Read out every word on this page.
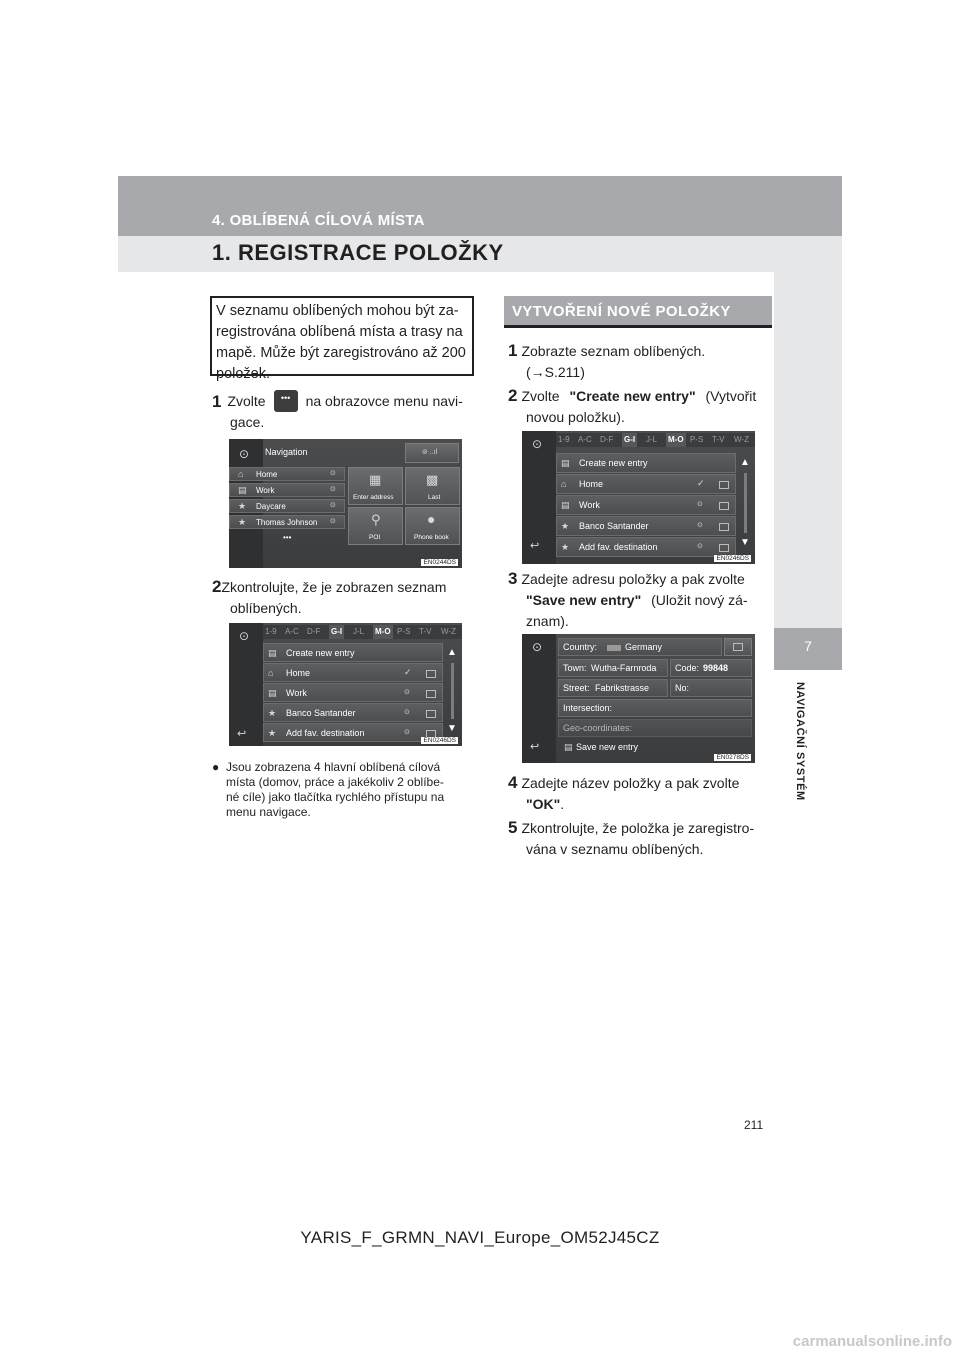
4. OBLÍBENÁ CÍLOVÁ MÍSTA
1. REGISTRACE POLOŽKY
7
NAVIGAČNÍ SYSTÉM
V seznamu oblíbených mohou být za-
registrována oblíbená místa a trasy na
mapě. Může být zaregistrováno až 200
položek.
1 Zvolte	•••	na obrazovce menu navi-
gace.
⊙ Navigation	⊘ ..ıl
⌂ Home	⊙
▤ Work	⊙
★ Daycare	⊙
★ Thomas Johnson ⊙
•••
▦
Enter address
▩
Last
⚲
POI
●
Phone book
EN0244DS
2Zkontrolujte, že je zobrazen seznam
oblíbených.
⊙ 1-9 A-C D-F G-I J-L M-O P-S T-V W-Z
▤ Create new entry
⌂ Home	✓
▤ Work	⊙
★ Banco Santander	⊙
★ Add fav. destination	⊙
▲
▼
↩
EN0246DS
● Jsou zobrazena 4 hlavní oblíbená cílová
místa (domov, práce a jakékoliv 2 oblíbe-
né cíle) jako tlačítka rychlého přístupu na
menu navigace.
VYTVOŘENÍ NOVÉ POLOŽKY
1 Zobrazte seznam oblíbených.
(→S.211)
2 Zvolte "Create new entry" (Vytvořit
novou položku).
⊙ 1-9 A-C D-F G-I J-L M-O P-S T-V W-Z
▤ Create new entry
⌂ Home	✓
▤ Work	⊙
★ Banco Santander	⊙
★ Add fav. destination	⊙
▲
▼
↩
EN0246DS
3 Zadejte adresu položky a pak zvolte
"Save new entry" (Uložit nový zá-
znam).
⊙ Country:	Germany
Town: Wutha-Farnroda Code: 99848
Street: Fabrikstrasse	No:
Intersection:
Geo-coordinates:
▤ Save new entry
↩
EN0278DS
4 Zadejte název položky a pak zvolte
"OK".
5 Zkontrolujte, že položka je zaregistro-
vána v seznamu oblíbených.
211
YARIS_F_GRMN_NAVI_Europe_OM52J45CZ
carmanualsonline.info
